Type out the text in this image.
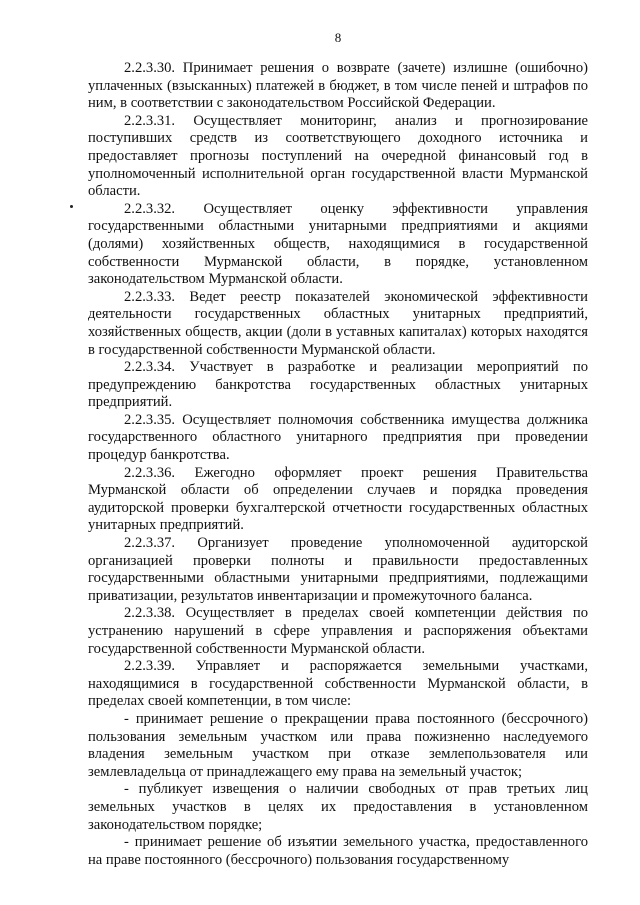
8

2.2.3.30. Принимает решения о возврате (зачете) излишне (ошибочно) уплаченных (взысканных) платежей в бюджет, в том числе пеней и штрафов по ним, в соответствии с законодательством Российской Федерации.

2.2.3.31. Осуществляет мониторинг, анализ и прогнозирование поступивших средств из соответствующего доходного источника и предоставляет прогнозы поступлений на очередной финансовый год в уполномоченный исполнительной орган государственной власти Мурманской области.

2.2.3.32. Осуществляет оценку эффективности управления государственными областными унитарными предприятиями и акциями (долями) хозяйственных обществ, находящимися в государственной собственности Мурманской области, в порядке, установленном законодательством Мурманской области.

2.2.3.33. Ведет реестр показателей экономической эффективности деятельности государственных областных унитарных предприятий, хозяйственных обществ, акции (доли в уставных капиталах) которых находятся в государственной собственности Мурманской области.

2.2.3.34. Участвует в разработке и реализации мероприятий по предупреждению банкротства государственных областных унитарных предприятий.

2.2.3.35. Осуществляет полномочия собственника имущества должника государственного областного унитарного предприятия при проведении процедур банкротства.

2.2.3.36. Ежегодно оформляет проект решения Правительства Мурманской области об определении случаев и порядка проведения аудиторской проверки бухгалтерской отчетности государственных областных унитарных предприятий.

2.2.3.37. Организует проведение уполномоченной аудиторской организацией проверки полноты и правильности предоставленных государственными областными унитарными предприятиями, подлежащими приватизации, результатов инвентаризации и промежуточного баланса.

2.2.3.38. Осуществляет в пределах своей компетенции действия по устранению нарушений в сфере управления и распоряжения объектами государственной собственности Мурманской области.

2.2.3.39. Управляет и распоряжается земельными участками, находящимися в государственной собственности Мурманской области, в пределах своей компетенции, в том числе:

- принимает решение о прекращении права постоянного (бессрочного) пользования земельным участком или права пожизненно наследуемого владения земельным участком при отказе землепользователя или землевладельца от принадлежащего ему права на земельный участок;

- публикует извещения о наличии свободных от прав третьих лиц земельных участков в целях их предоставления в установленном законодательством порядке;

- принимает решение об изъятии земельного участка, предоставленного на праве постоянного (бессрочного) пользования государственному
